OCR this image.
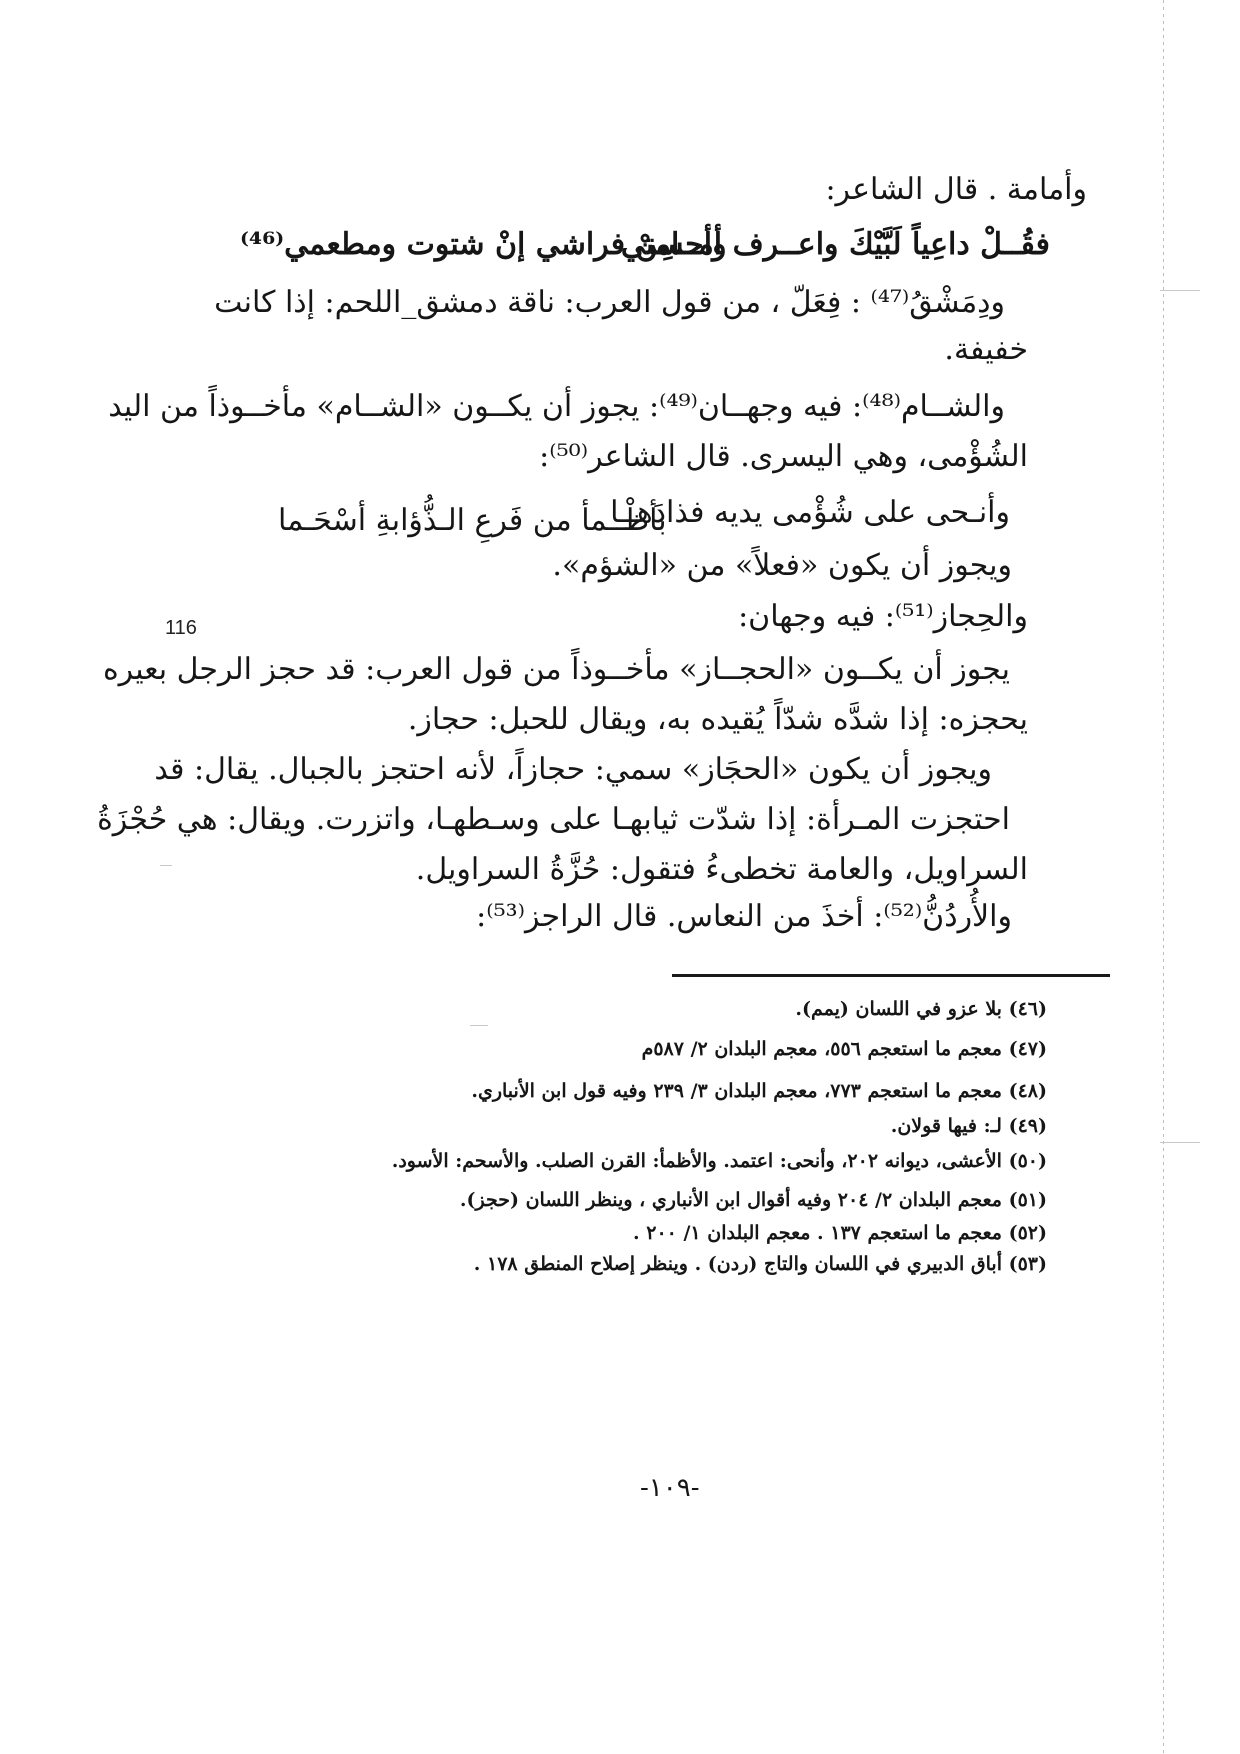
وأمامة . قال الشاعر:
فقُــلْ داعِياً لَبَّيْكَ واعــرف أمــامتي
وأحسِنْ فراشي إنْ شتوت ومطعمي⁽⁴⁶⁾
ودِمَشْقُ⁽⁴⁷⁾ : فِعَلّ ، من قول العرب: ناقة دمشق_اللحم: إذا كانت
خفيفة.
والشــام⁽⁴⁸⁾: فيه وجهــان⁽⁴⁹⁾: يجوز أن يكــون «الشــام» مأخــوذاً من اليد
الشُؤْمى، وهي اليسرى. قال الشاعر⁽⁵⁰⁾:
وأنـحى على شُؤْمى يديه فذادَهــا
بأظْــمأ من فَرعِ الـذُّؤابةِ أسْحَـما
ويجوز أن يكون «فعلاً» من «الشؤم».
والحِجاز⁽⁵¹⁾: فيه وجهان:
116
يجوز أن يكــون «الحجــاز» مأخــوذاً من قول العرب: قد حجز الرجل بعيره
يحجزه: إذا شدَّه شدّاً يُقيده به، ويقال للحبل: حجاز.
ويجوز أن يكون «الحجَاز» سمي: حجازاً، لأنه احتجز بالجبال. يقال: قد
احتجزت المـرأة: إذا شدّت ثيابهـا على وسـطهـا، واتزرت. ويقال: هي حُجْزَةُ
السراويل، والعامة تخطىءُ فتقول: حُزَّةُ السراويل.
والأُردُنُّ⁽⁵²⁾: أخذَ من النعاس. قال الراجز⁽⁵³⁾:
(٤٦) بلا عزو في اللسان (يمم).
(٤٧) معجم ما استعجم ٥٥٦، معجم البلدان ٢/ ٥٨٧م
(٤٨) معجم ما استعجم ٧٧٣، معجم البلدان ٣/ ٢٣٩ وفيه قول ابن الأنباري.
(٤٩) لـ: فيها قولان.
(٥٠) الأعشى، ديوانه ٢٠٢، وأنحى: اعتمد. والأظمأ: القرن الصلب. والأسحم: الأسود.
(٥١) معجم البلدان ٢/ ٢٠٤ وفيه أقوال ابن الأنباري ، وينظر اللسان (حجز).
(٥٢) معجم ما استعجم ١٣٧ . معجم البلدان ١/ ٢٠٠ .
(٥٣) أباق الدبيري في اللسان والتاج (ردن) . وينظر إصلاح المنطق ١٧٨ .
-١٠٩-
